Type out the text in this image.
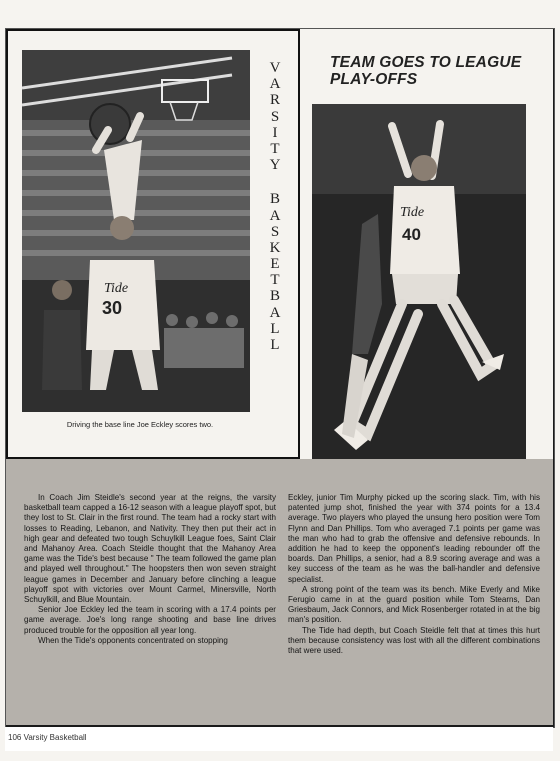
Tide
30
V
A
R
S
I
T
Y
B
A
S
K
E
T
B
A
L
L
Driving the base line Joe Eckley scores two.
TEAM GOES TO LEAGUE
PLAY-OFFS
Tide
40

In Coach Jim Steidle's second year at the reigns, the varsity basketball team capped a 16-12 season with a league playoff spot, but they lost to St. Clair in the first round. The team had a rocky start with losses to Reading, Lebanon, and Nativity. They then put their act in high gear and defeated two tough Schuylkill League foes, Saint Clair and Mahanoy Area. Coach Steidle thought that the Mahanoy Area game was the Tide's best because " The team followed the game plan and played well throughout." The hoopsters then won seven straight league games in December and January before clinching a league playoff spot with victories over Mount Carmel, Minersville, North Schuylkill, and Blue Mountain.

Senior Joe Eckley led the team in scoring with a 17.4 points per game average. Joe's long range shooting and base line drives produced trouble for the opposition all year long.

When the Tide's opponents concentrated on stopping

Eckley, junior Tim Murphy picked up the scoring slack. Tim, with his patented jump shot, finished the year with 374 points for a 13.4 average. Two players who played the unsung hero position were Tom Flynn and Dan Phillips. Tom who averaged 7.1 points per game was the man who had to grab the offensive and defensive rebounds. In addition he had to keep the opponent's leading rebounder off the boards. Dan Phillips, a senior, had a 8.9 scoring average and was a key success of the team as he was the ball-handler and defensive specialist.

A strong point of the team was its bench. Mike Everly and Mike Ferugio came in at the guard position while Tom Stearns, Dan Griesbaum, Jack Connors, and Mick Rosenberger rotated in at the big man's position.

The Tide had depth, but Coach Steidle felt that at times this hurt them because consistency was lost with all the different combinations that were used.

106 Varsity Basketball
